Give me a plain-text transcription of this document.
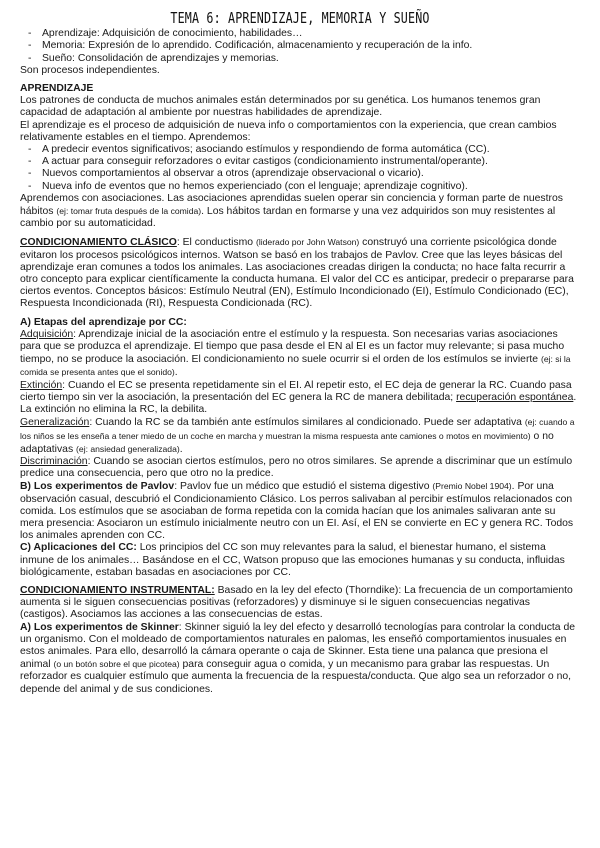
TEMA 6: APRENDIZAJE, MEMORIA Y SUEÑO
- Aprendizaje: Adquisición de conocimiento, habilidades…
- Memoria: Expresión de lo aprendido. Codificación, almacenamiento y recuperación de la info.
- Sueño: Consolidación de aprendizajes y memorias.

Son procesos independientes.

APRENDIZAJE

Los patrones de conducta de muchos animales están determinados por su genética. Los humanos tenemos gran capacidad de adaptación al ambiente por nuestras habilidades de aprendizaje.

El aprendizaje es el proceso de adquisición de nueva info o comportamientos con la experiencia, que crean cambios relativamente estables en el tiempo. Aprendemos:

- A predecir eventos significativos; asociando estímulos y respondiendo de forma automática (CC).
- A actuar para conseguir reforzadores o evitar castigos (condicionamiento instrumental/operante).
- Nuevos comportamientos al observar a otros (aprendizaje observacional o vicario).
- Nueva info de eventos que no hemos experienciado (con el lenguaje; aprendizaje cognitivo).

Aprendemos con asociaciones. Las asociaciones aprendidas suelen operar sin conciencia y forman parte de nuestros hábitos (ej: tomar fruta después de la comida). Los hábitos tardan en formarse y una vez adquiridos son muy resistentes al cambio por su automaticidad.

CONDICIONAMIENTO CLÁSICO: El conductismo (liderado por John Watson) construyó una corriente psicológica donde evitaron los procesos psicológicos internos. Watson se basó en los trabajos de Pavlov. Cree que las leyes básicas del aprendizaje eran comunes a todos los animales. Las asociaciones creadas dirigen la conducta; no hace falta recurrir a otro concepto para explicar científicamente la conducta humana. El valor del CC es anticipar, predecir o prepararse para ciertos eventos. Conceptos básicos: Estímulo Neutral (EN), Estímulo Incondicionado (EI), Estímulo Condicionado (EC), Respuesta Incondicionada (RI), Respuesta Condicionada (RC).

A) Etapas del aprendizaje por CC:

Adquisición: Aprendizaje inicial de la asociación entre el estímulo y la respuesta. Son necesarias varias asociaciones para que se produzca el aprendizaje. El tiempo que pasa desde el EN al EI es un factor muy relevante; si pasa mucho tiempo, no se produce la asociación. El condicionamiento no suele ocurrir si el orden de los estímulos se invierte (ej: si la comida se presenta antes que el sonido).

Extinción: Cuando el EC se presenta repetidamente sin el EI. Al repetir esto, el EC deja de generar la RC. Cuando pasa cierto tiempo sin ver la asociación, la presentación del EC genera la RC de manera debilitada; recuperación espontánea. La extinción no elimina la RC, la debilita.

Generalización: Cuando la RC se da también ante estímulos similares al condicionado. Puede ser adaptativa (ej: cuando a los niños se les enseña a tener miedo de un coche en marcha y muestran la misma respuesta ante camiones o motos en movimiento) o no adaptativas (ej: ansiedad generalizada).

Discriminación: Cuando se asocian ciertos estímulos, pero no otros similares. Se aprende a discriminar que un estímulo predice una consecuencia, pero que otro no la predice.

B) Los experimentos de Pavlov: Pavlov fue un médico que estudió el sistema digestivo (Premio Nobel 1904). Por una observación casual, descubrió el Condicionamiento Clásico. Los perros salivaban al percibir estímulos relacionados con comida. Los estímulos que se asociaban de forma repetida con la comida hacían que los animales salivaran ante su mera presencia: Asociaron un estímulo inicialmente neutro con un EI. Así, el EN se convierte en EC y genera RC. Todos los animales aprenden con CC.

C) Aplicaciones del CC: Los principios del CC son muy relevantes para la salud, el bienestar humano, el sistema inmune de los animales… Basándose en el CC, Watson propuso que las emociones humanas y su conducta, influidas biológicamente, estaban basadas en asociaciones por CC.

CONDICIONAMIENTO INSTRUMENTAL: Basado en la ley del efecto (Thorndike): La frecuencia de un comportamiento aumenta si le siguen consecuencias positivas (reforzadores) y disminuye si le siguen consecuencias negativas (castigos). Asociamos las acciones a las consecuencias de estas.

A) Los experimentos de Skinner: Skinner siguió la ley del efecto y desarrolló tecnologías para controlar la conducta de un organismo. Con el moldeado de comportamientos naturales en palomas, les enseñó comportamientos inusuales en estos animales. Para ello, desarrolló la cámara operante o caja de Skinner. Esta tiene una palanca que presiona el animal (o un botón sobre el que picotea) para conseguir agua o comida, y un mecanismo para grabar las respuestas. Un reforzador es cualquier estímulo que aumenta la frecuencia de la respuesta/conducta. Que algo sea un reforzador o no, depende del animal y de sus condiciones.
